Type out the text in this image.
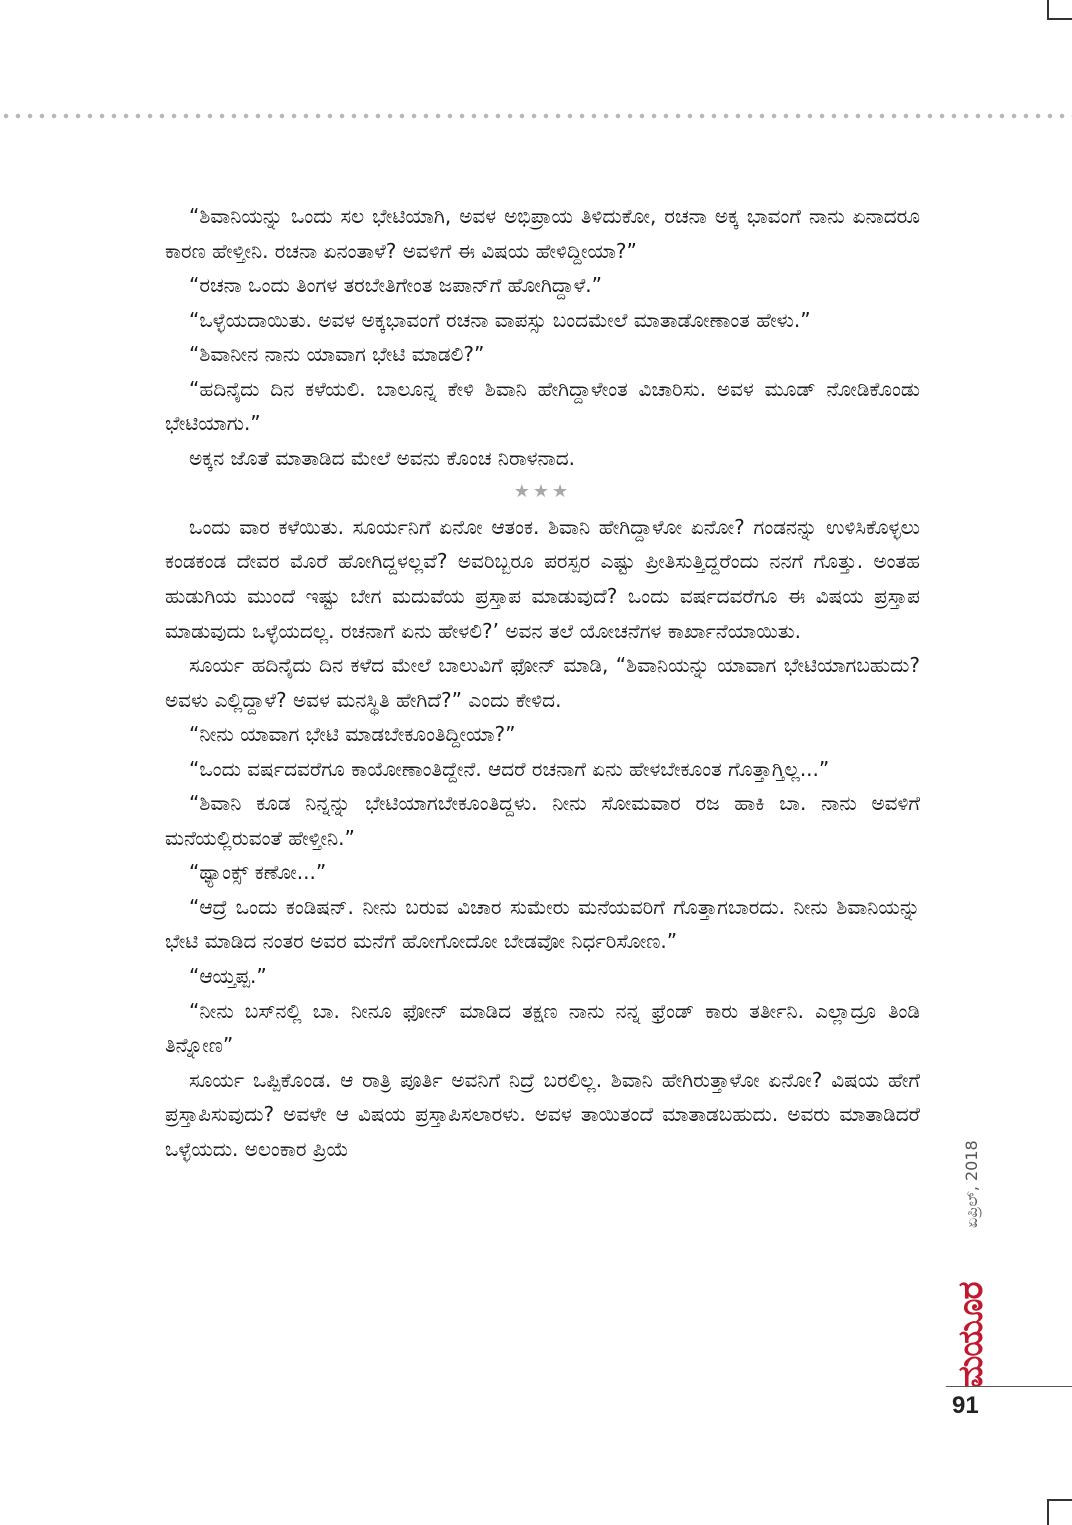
“ಶಿವಾನಿಯನ್ನು ಒಂದು ಸಲ ಭೇಟಿಯಾಗಿ, ಅವಳ ಅಭಿಪ್ರಾಯ ತಿಳಿದುಕೋ, ರಚನಾ ಅಕ್ಕ ಭಾವಂಗೆ ನಾನು ಏನಾದರೂ ಕಾರಣ ಹೇಳ್ತೀನಿ. ರಚನಾ ಏನಂತಾಳೆ? ಅವಳಿಗೆ ಈ ವಿಷಯ ಹೇಳಿದ್ದೀಯಾ?”

“ರಚನಾ ಒಂದು ತಿಂಗಳ ತರಬೇತಿಗೇಂತ ಜಪಾನ್‌ಗೆ ಹೋಗಿದ್ದಾಳೆ.”

“ಒಳ್ಳೆಯದಾಯಿತು. ಅವಳ ಅಕ್ಕಭಾವಂಗೆ ರಚನಾ ವಾಪಸ್ಸು ಬಂದಮೇಲೆ ಮಾತಾಡೋಣಾಂತ ಹೇಳು.”

“ಶಿವಾನೀನ ನಾನು ಯಾವಾಗ ಭೇಟಿ ಮಾಡಲಿ?”

“ಹದಿನೈದು ದಿನ ಕಳೆಯಲಿ. ಬಾಲೂನ್ನ ಕೇಳಿ ಶಿವಾನಿ ಹೇಗಿದ್ದಾಳೇಂತ ವಿಚಾರಿಸು. ಅವಳ ಮೂಡ್ ನೋಡಿಕೊಂಡು ಭೇಟಿಯಾಗು.”

ಅಕ್ಕನ ಜೊತೆ ಮಾತಾಡಿದ ಮೇಲೆ ಅವನು ಕೊಂಚ ನಿರಾಳನಾದ.

★★★

ಒಂದು ವಾರ ಕಳೆಯಿತು. ಸೂರ್ಯನಿಗೆ ಏನೋ ಆತಂಕ. ಶಿವಾನಿ ಹೇಗಿದ್ದಾಳೋ ಏನೋ? ಗಂಡನನ್ನು ಉಳಿಸಿಕೊಳ್ಳಲು ಕಂಡಕಂಡ ದೇವರ ಮೊರೆ ಹೋಗಿದ್ದಳಲ್ಲವೆ? ಅವರಿಬ್ಬರೂ ಪರಸ್ಪರ ಎಷ್ಟು ಪ್ರೀತಿಸುತ್ತಿದ್ದರೆಂದು ನನಗೆ ಗೊತ್ತು. ಅಂತಹ ಹುಡುಗಿಯ ಮುಂದೆ ಇಷ್ಟು ಬೇಗ ಮದುವೆಯ ಪ್ರಸ್ತಾಪ ಮಾಡುವುದೆ? ಒಂದು ವರ್ಷದವರೆಗೂ ಈ ವಿಷಯ ಪ್ರಸ್ತಾಪ ಮಾಡುವುದು ಒಳ್ಳೆಯದಲ್ಲ. ರಚನಾಗೆ ಏನು ಹೇಳಲಿ?’ ಅವನ ತಲೆ ಯೋಚನೆಗಳ ಕಾರ್ಖಾನೆಯಾಯಿತು.

ಸೂರ್ಯ ಹದಿನೈದು ದಿನ ಕಳೆದ ಮೇಲೆ ಬಾಲುವಿಗೆ ಫೋನ್ ಮಾಡಿ, “ಶಿವಾನಿಯನ್ನು ಯಾವಾಗ ಭೇಟಿಯಾಗಬಹುದು? ಅವಳು ಎಲ್ಲಿದ್ದಾಳೆ? ಅವಳ ಮನಸ್ಥಿತಿ ಹೇಗಿದೆ?” ಎಂದು ಕೇಳಿದ.

“ನೀನು ಯಾವಾಗ ಭೇಟಿ ಮಾಡಬೇಕೂಂತಿದ್ದೀಯಾ?”

“ಒಂದು ವರ್ಷದವರೆಗೂ ಕಾಯೋಣಾಂತಿದ್ದೇನೆ. ಆದರೆ ರಚನಾಗೆ ಏನು ಹೇಳಬೇಕೂಂತ ಗೊತ್ತಾಗ್ತಿಲ್ಲ...”

“ಶಿವಾನಿ ಕೂಡ ನಿನ್ನನ್ನು ಭೇಟಿಯಾಗಬೇಕೂಂತಿದ್ದಳು. ನೀನು ಸೋಮವಾರ ರಜ ಹಾಕಿ ಬಾ. ನಾನು ಅವಳಿಗೆ ಮನೆಯಲ್ಲಿರುವಂತೆ ಹೇಳ್ತೀನಿ.”

“ಥ್ಯಾಂಕ್ಸ್ ಕಣೋ...”

“ಆದ್ರೆ ಒಂದು ಕಂಡಿಷನ್. ನೀನು ಬರುವ ವಿಚಾರ ಸುಮೇರು ಮನೆಯವರಿಗೆ ಗೊತ್ತಾಗಬಾರದು. ನೀನು ಶಿವಾನಿಯನ್ನು ಭೇಟಿ ಮಾಡಿದ ನಂತರ ಅವರ ಮನೆಗೆ ಹೋಗೋದೋ ಬೇಡವೋ ನಿರ್ಧರಿಸೋಣ.”

“ಆಯ್ತಪ್ಪ.”

“ನೀನು ಬಸ್‌ನಲ್ಲಿ ಬಾ. ನೀನೂ ಫೋನ್ ಮಾಡಿದ ತಕ್ಷಣ ನಾನು ನನ್ನ ಫ್ರೆಂಡ್ ಕಾರು ತರ್ತೀನಿ. ಎಲ್ಲಾದ್ರೂ ತಿಂಡಿ ತಿನ್ನೋಣ”

ಸೂರ್ಯ ಒಪ್ಪಿಕೊಂಡ. ಆ ರಾತ್ರಿ ಪೂರ್ತಿ ಅವನಿಗೆ ನಿದ್ರೆ ಬರಲಿಲ್ಲ. ಶಿವಾನಿ ಹೇಗಿರುತ್ತಾಳೋ ಏನೋ? ವಿಷಯ ಹೇಗೆ ಪ್ರಸ್ತಾಪಿಸುವುದು? ಅವಳೇ ಆ ವಿಷಯ ಪ್ರಸ್ತಾಪಿಸಲಾರಳು. ಅವಳ ತಾಯಿತಂದೆ ಮಾತಾಡಬಹುದು. ಅವರು ಮಾತಾಡಿದರೆ ಒಳ್ಳೆಯದು. ಅಲಂಕಾರ ಪ್ರಿಯೆ	ಏಪ್ರಿಲ್, 2018
ಮಯೂರ
91
